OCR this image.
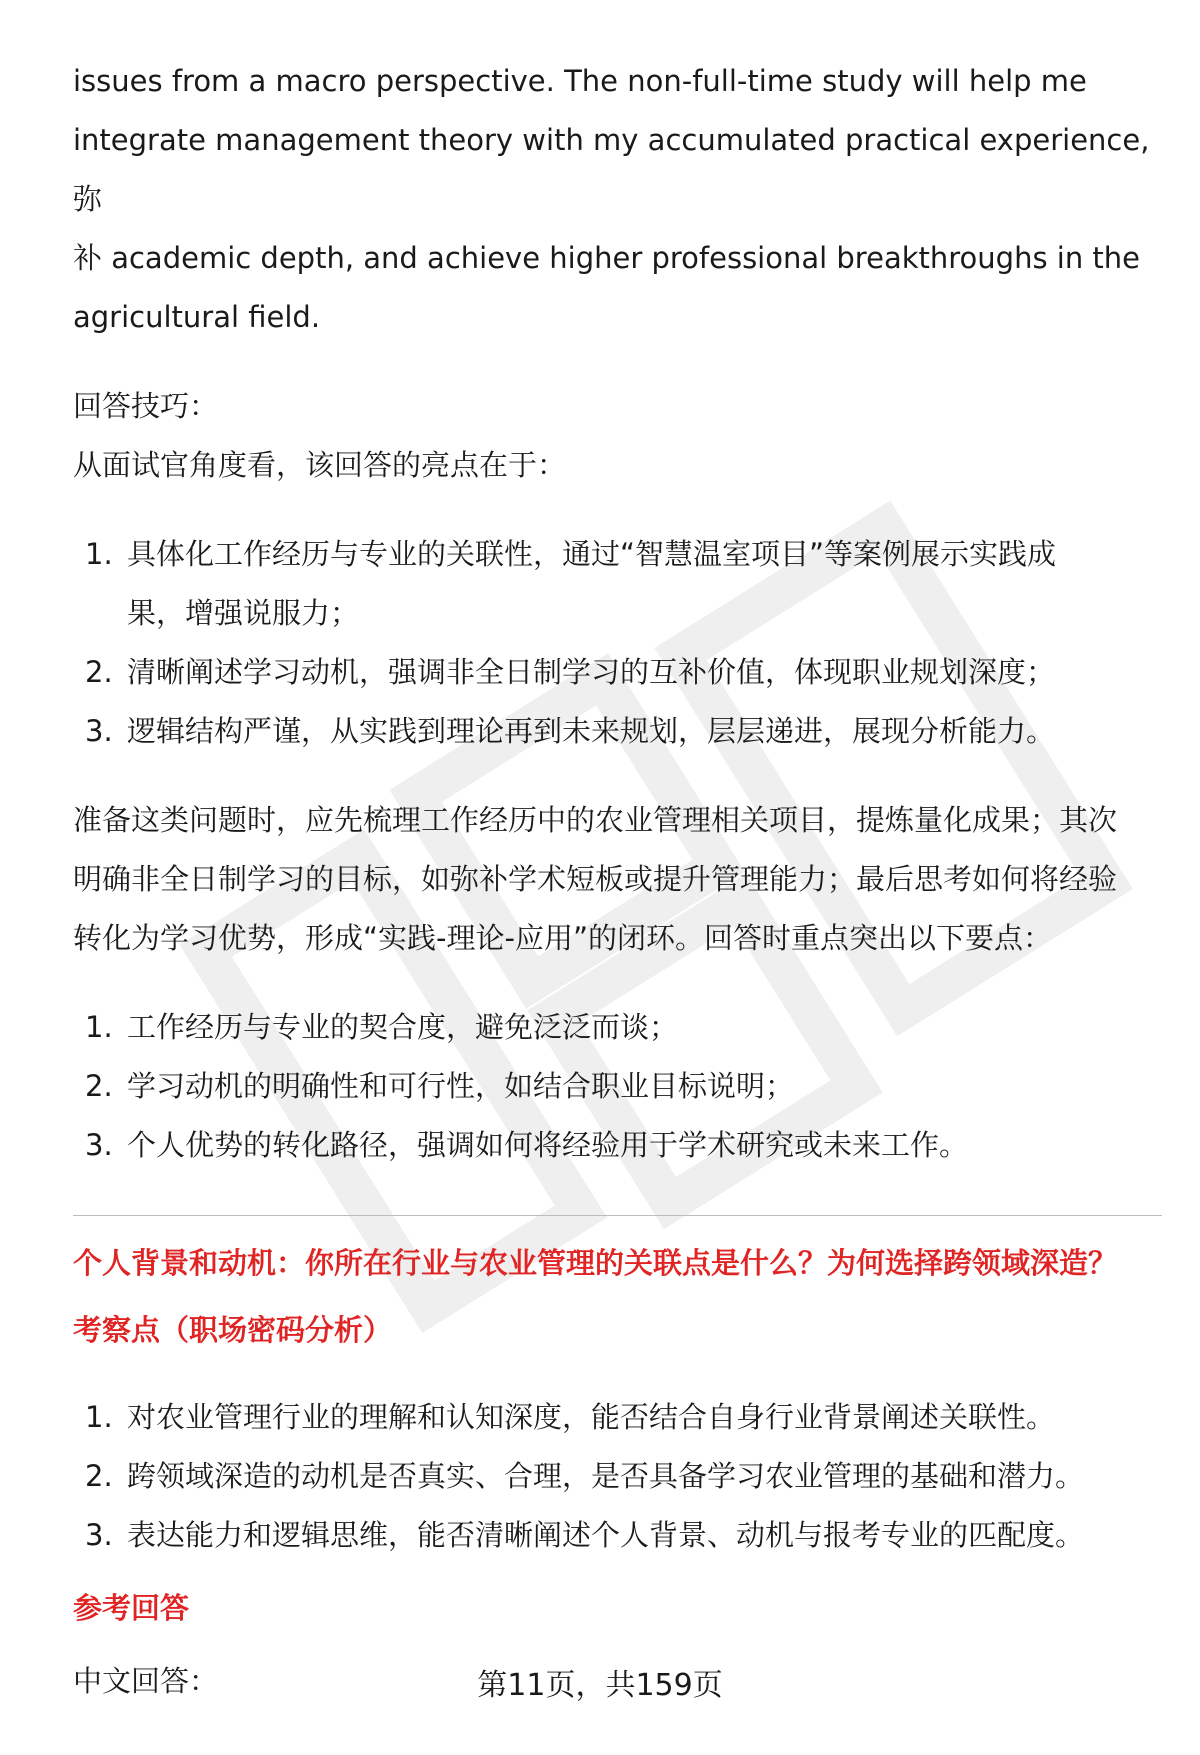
issues from a macro perspective. The non-full-time study will help me

integrate management theory with my accumulated practical experience,弥

补 academic depth, and achieve higher professional breakthroughs in the

agricultural field.

回答技巧：

从面试官角度看，该回答的亮点在于：

1. 具体化工作经历与专业的关联性，通过“智慧温室项目”等案例展示实践成
果，增强说服力；
2. 清晰阐述学习动机，强调非全日制学习的互补价值，体现职业规划深度；
3. 逻辑结构严谨，从实践到理论再到未来规划，层层递进，展现分析能力。

准备这类问题时，应先梳理工作经历中的农业管理相关项目，提炼量化成果；其次

明确非全日制学习的目标，如弥补学术短板或提升管理能力；最后思考如何将经验

转化为学习优势，形成“实践-理论-应用”的闭环。回答时重点突出以下要点：

1. 工作经历与专业的契合度，避免泛泛而谈；
2. 学习动机的明确性和可行性，如结合职业目标说明；
3. 个人优势的转化路径，强调如何将经验用于学术研究或未来工作。

个人背景和动机：你所在行业与农业管理的关联点是什么？为何选择跨领域深造？

考察点（职场密码分析）

1. 对农业管理行业的理解和认知深度，能否结合自身行业背景阐述关联性。
2. 跨领域深造的动机是否真实、合理，是否具备学习农业管理的基础和潜力。
3. 表达能力和逻辑思维，能否清晰阐述个人背景、动机与报考专业的匹配度。

参考回答

中文回答：	第11页，共159页
